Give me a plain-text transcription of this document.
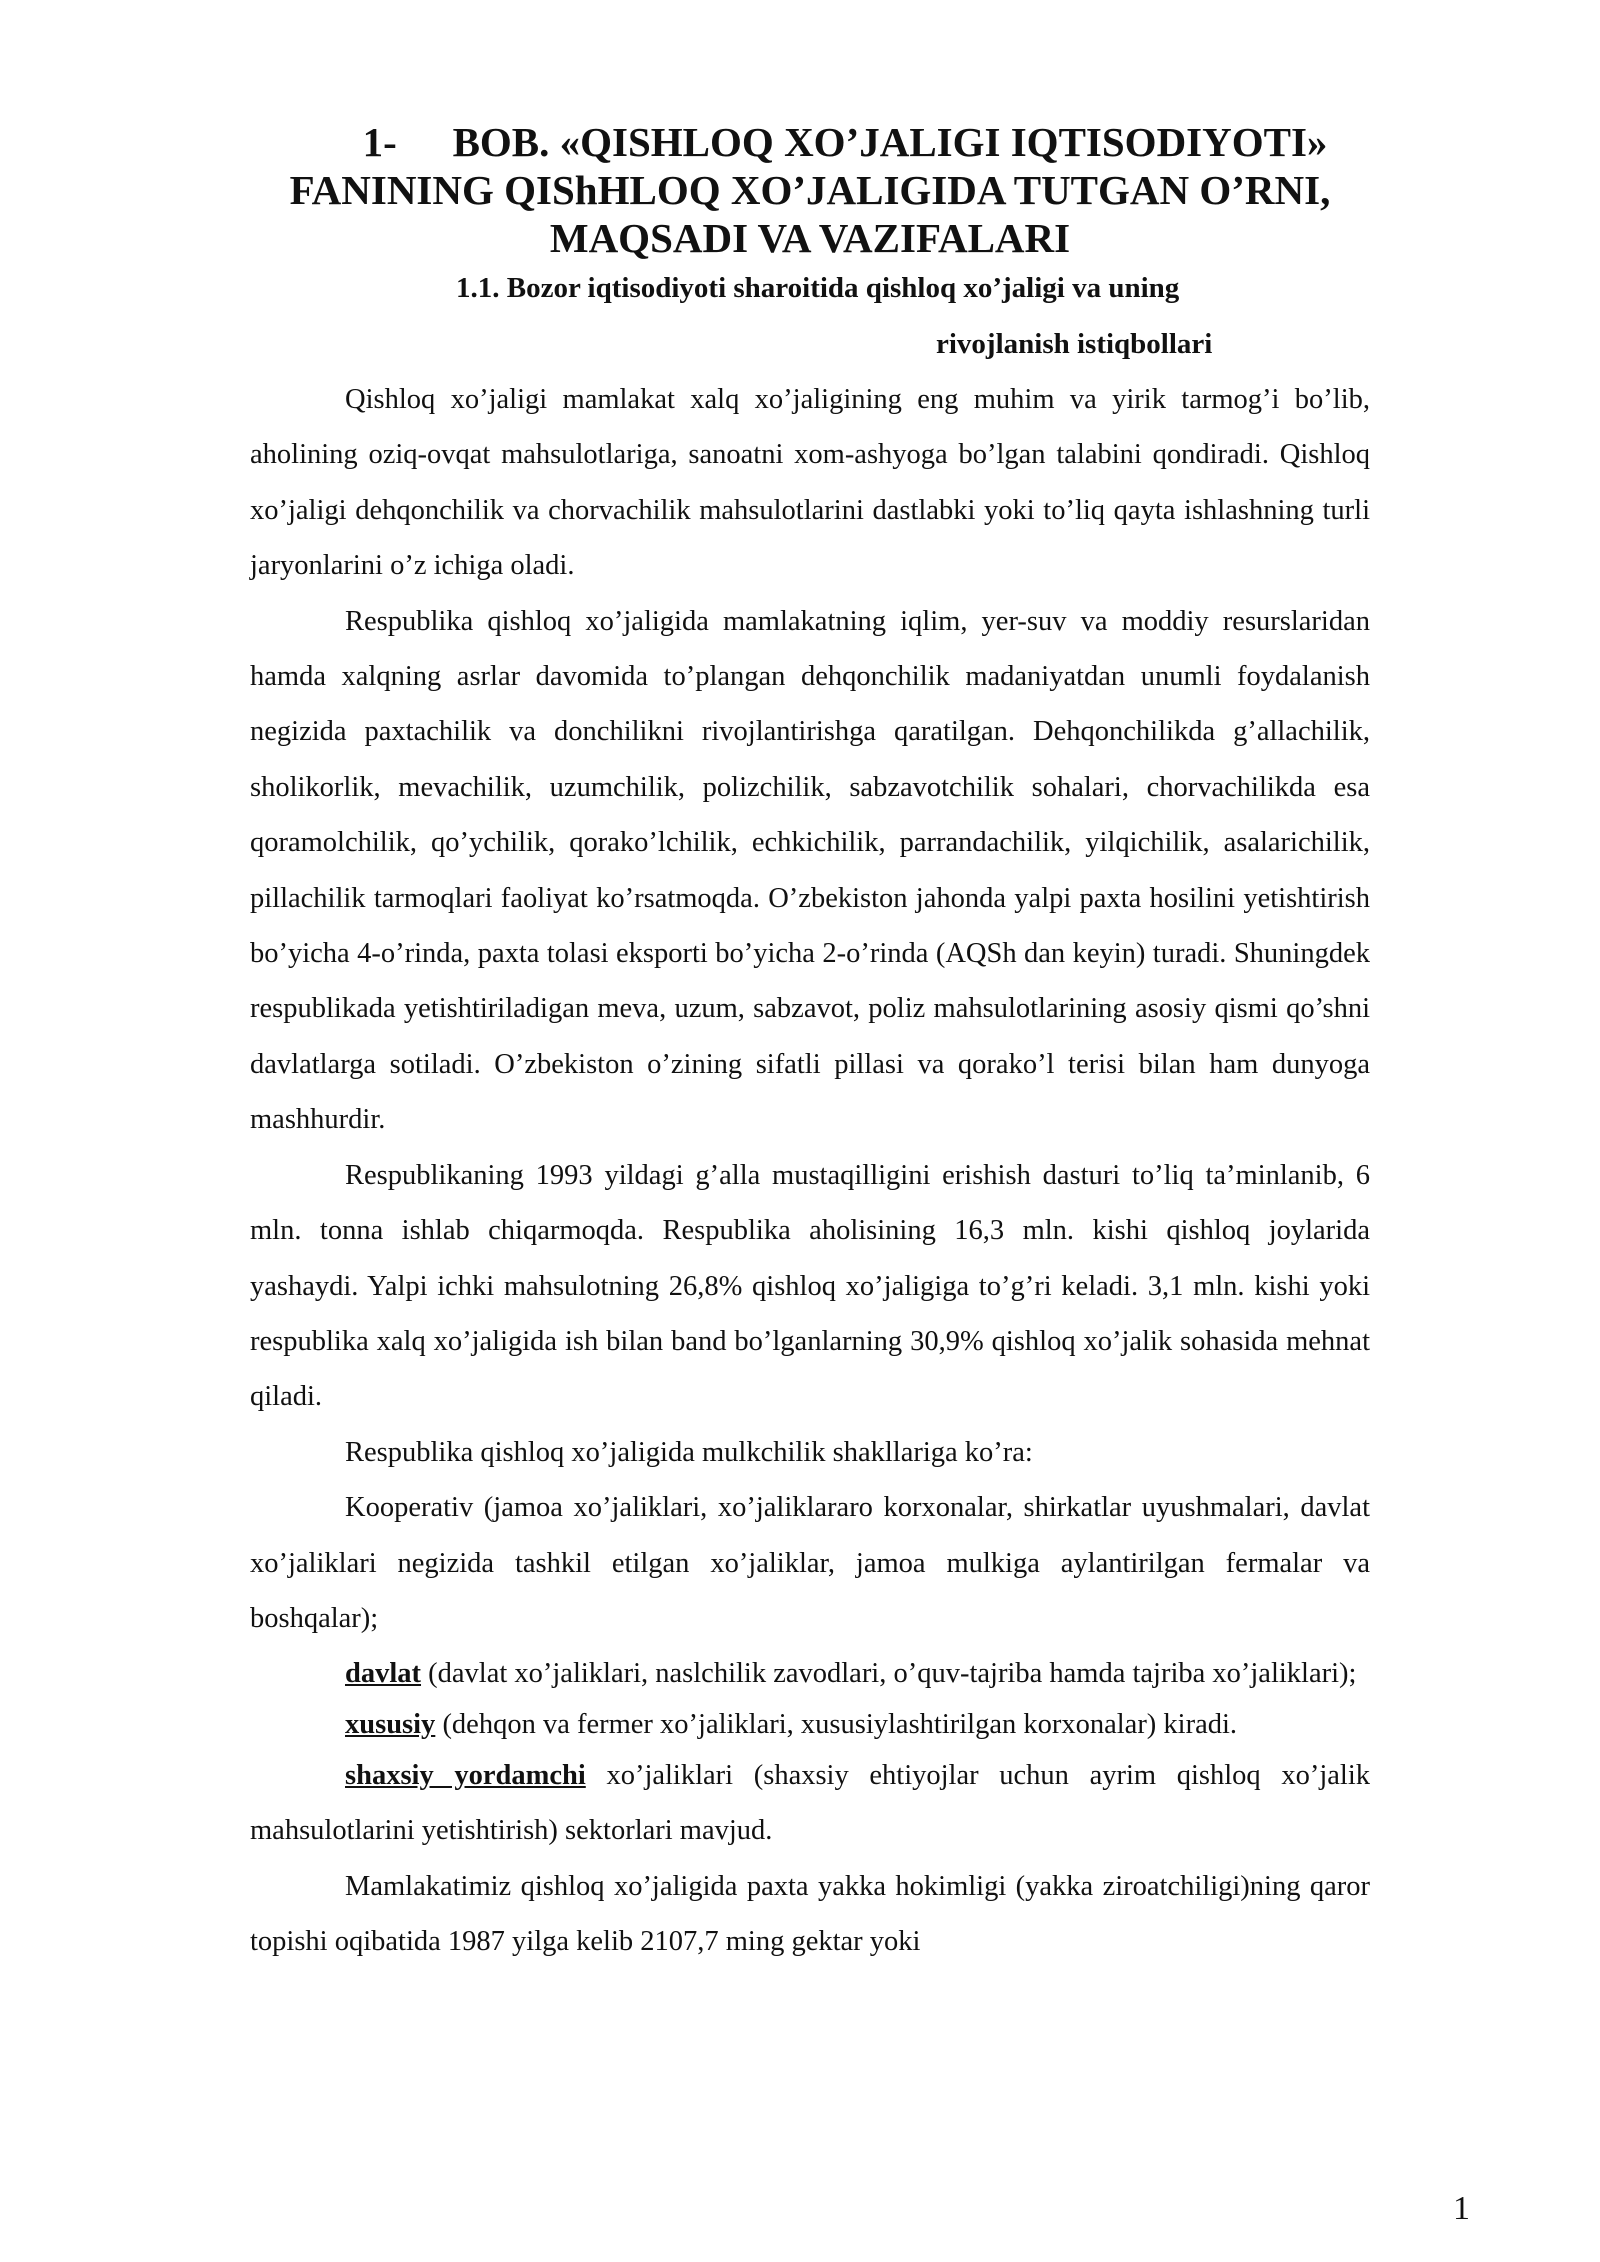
1- BOB. «QISHLOQ XO’JALIGI IQTISODIYOTI»
FANINING QIShHLOQ XO’JALIGIDA TUTGAN O’RNI,
MAQSADI VA VAZIFALARI
1.1. Bozor iqtisodiyoti sharoitida qishloq xo’jaligi va uning
rivojlanish istiqbollari

Qishloq xo’jaligi mamlakat xalq xo’jaligining eng muhim va yirik tarmog’i bo’lib, aholining oziq-ovqat mahsulotlariga, sanoatni xom-ashyoga bo’lgan talabini qondiradi. Qishloq xo’jaligi dehqonchilik va chorvachilik mahsulotlarini dastlabki yoki to’liq qayta ishlashning turli jaryonlarini o’z ichiga oladi.

Respublika qishloq xo’jaligida mamlakatning iqlim, yer-suv va moddiy resurslaridan hamda xalqning asrlar davomida to’plangan dehqonchilik madaniyatdan unumli foydalanish negizida paxtachilik va donchilikni rivojlantirishga qaratilgan. Dehqonchilikda g’allachilik, sholikorlik, mevachilik, uzumchilik, polizchilik, sabzavotchilik sohalari, chorvachilikda esa qoramolchilik, qo’ychilik, qorako’lchilik, echkichilik, parrandachilik, yilqichilik, asalarichilik, pillachilik tarmoqlari faoliyat ko’rsatmoqda. O’zbekiston jahonda yalpi paxta hosilini yetishtirish bo’yicha 4-o’rinda, paxta tolasi eksporti bo’yicha 2-o’rinda (AQSh dan keyin) turadi. Shuningdek respublikada yetishtiriladigan meva, uzum, sabzavot, poliz mahsulotlarining asosiy qismi qo’shni davlatlarga sotiladi. O’zbekiston o’zining sifatli pillasi va qorako’l terisi bilan ham dunyoga mashhurdir.

Respublikaning 1993 yildagi g’alla mustaqilligini erishish dasturi to’liq ta’minlanib, 6 mln. tonna ishlab chiqarmoqda. Respublika aholisining 16,3 mln. kishi qishloq joylarida yashaydi. Yalpi ichki mahsulotning 26,8% qishloq xo’jaligiga to’g’ri keladi. 3,1 mln. kishi yoki respublika xalq xo’jaligida ish bilan band bo’lganlarning 30,9% qishloq xo’jalik sohasida mehnat qiladi.

Respublika qishloq xo’jaligida mulkchilik shakllariga ko’ra:

Kooperativ (jamoa xo’jaliklari, xo’jaliklararo korxonalar, shirkatlar uyushmalari, davlat xo’jaliklari negizida tashkil etilgan xo’jaliklar, jamoa mulkiga aylantirilgan fermalar va boshqalar);

davlat (davlat xo’jaliklari, naslchilik zavodlari, o’quv-tajriba hamda tajriba xo’jaliklari);

xususiy (dehqon va fermer xo’jaliklari, xususiylashtirilgan korxonalar) kiradi.

shaxsiy yordamchi xo’jaliklari (shaxsiy ehtiyojlar uchun ayrim qishloq xo’jalik mahsulotlarini yetishtirish) sektorlari mavjud.

Mamlakatimiz qishloq xo’jaligida paxta yakka hokimligi (yakka ziroatchiligi)ning qaror topishi oqibatida 1987 yilga kelib 2107,7 ming gektar yoki

1
